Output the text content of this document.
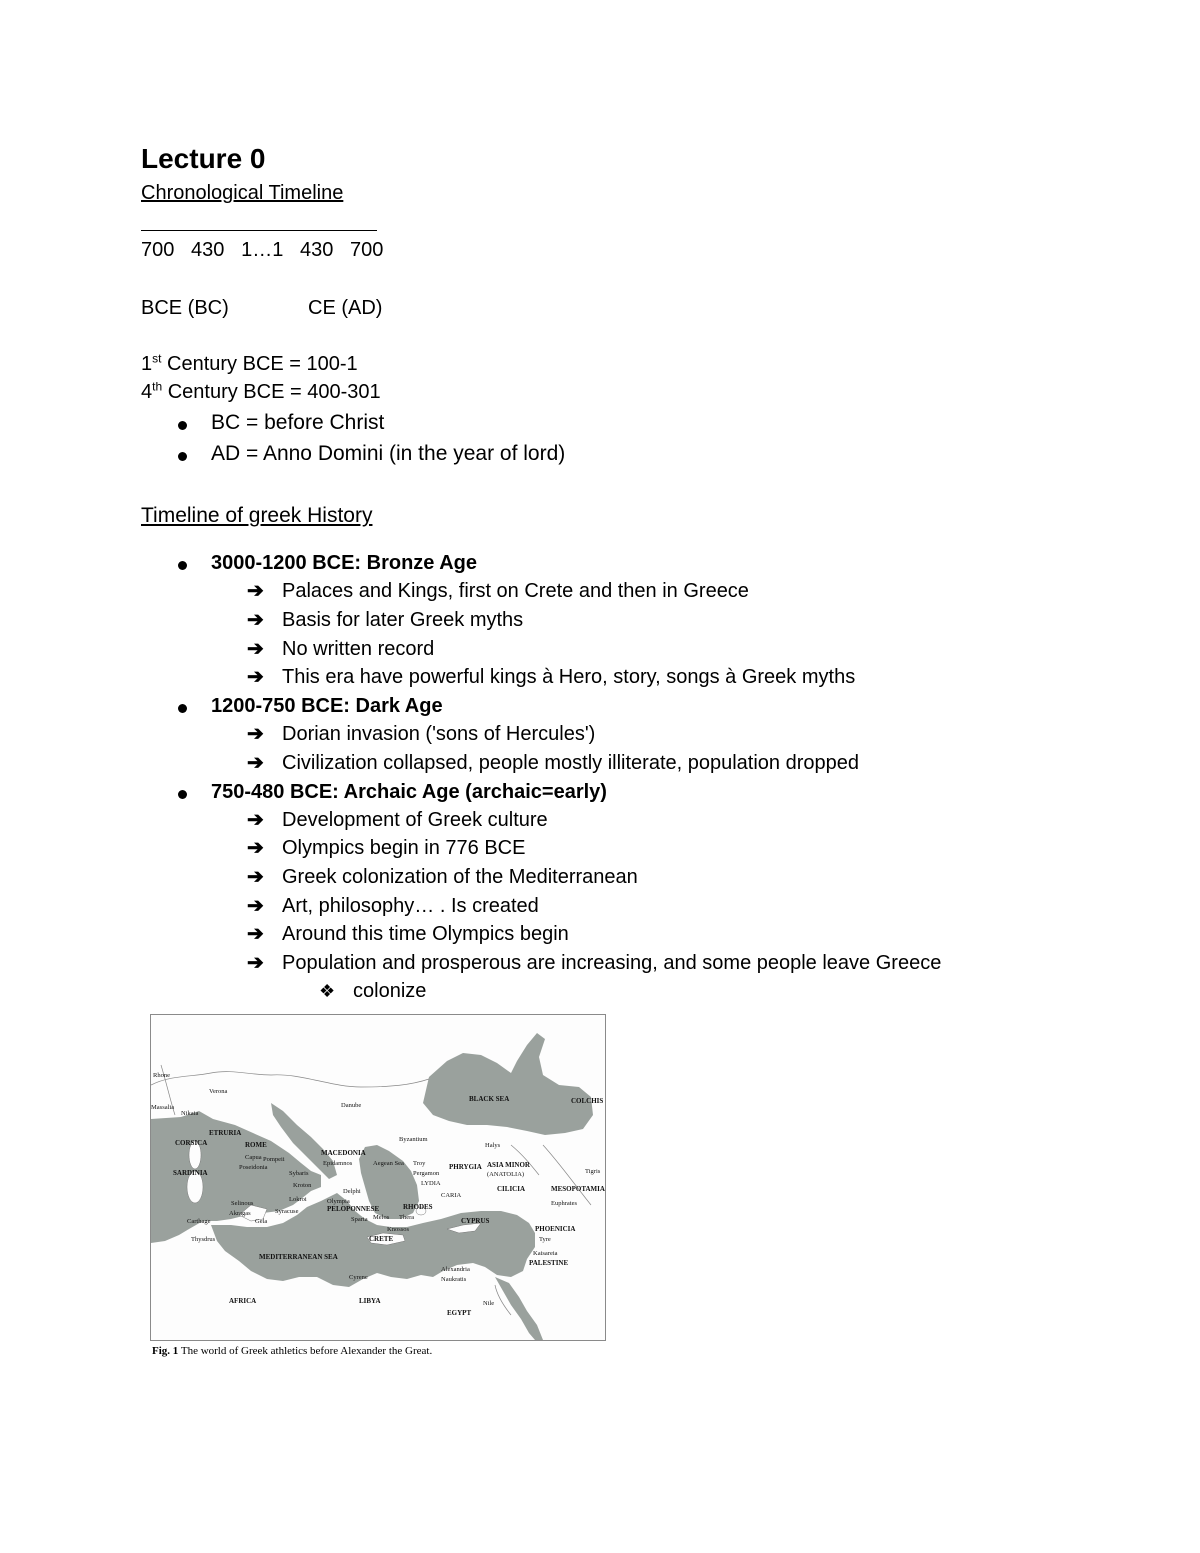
Lecture 0
Chronological Timeline
700   430   1…1   430   700
BCE (BC)	CE (AD)
1st Century BCE = 100-1
4th Century BCE = 400-301
BC = before Christ
AD = Anno Domini (in the year of lord)
Timeline of greek History
3000-1200 BCE: Bronze Age
➔ Palaces and Kings, first on Crete and then in Greece
➔ Basis for later Greek myths
➔ No written record
➔ This era have powerful kings à Hero, story, songs à Greek myths
1200-750 BCE: Dark Age
➔ Dorian invasion ('sons of Hercules')
➔ Civilization collapsed, people mostly illiterate, population dropped
750-480 BCE: Archaic Age (archaic=early)
➔ Development of Greek culture
➔ Olympics begin in 776 BCE
➔ Greek colonization of the Mediterranean
➔ Art, philosophy… . Is created
➔ Around this time Olympics begin
➔ Population and prosperous are increasing, and some people leave Greece
❖ colonize
BLACK SEA	COLCHIS
Danube
Rhone
Verona
Nikaia
Massalia
ETRURIA
CORSICA
SARDINIA
ROME
Capua Pompeii
Poseidonia
Sybaris
Kroton
Lokroi
Selinous
Akragas	Syracuse
Gela
Carthage
Thysdrus
MACEDONIA
Epidamnos	Aegean Sea
Byzantium
Halys
Troy
Pergamon
PHRYGIA ASIA MINOR
(ANATOLIA)
LYDIA
CARIA
CILICIA
Tigris
Euphrates
MESOPOTAMIA
Olympia
Delphi
PELOPONNESE
Sparta Melos Thera
RHODES
Knossos
CRETE
CYPRUS
PHOENICIA
Tyre
Kaisareia
PALESTINE
MEDITERRANEAN SEA
Cyrene
Alexandria
Naukratis
Nile
AFRICA	LIBYA
EGYPT
Fig. 1 The world of Greek athletics before Alexander the Great.
